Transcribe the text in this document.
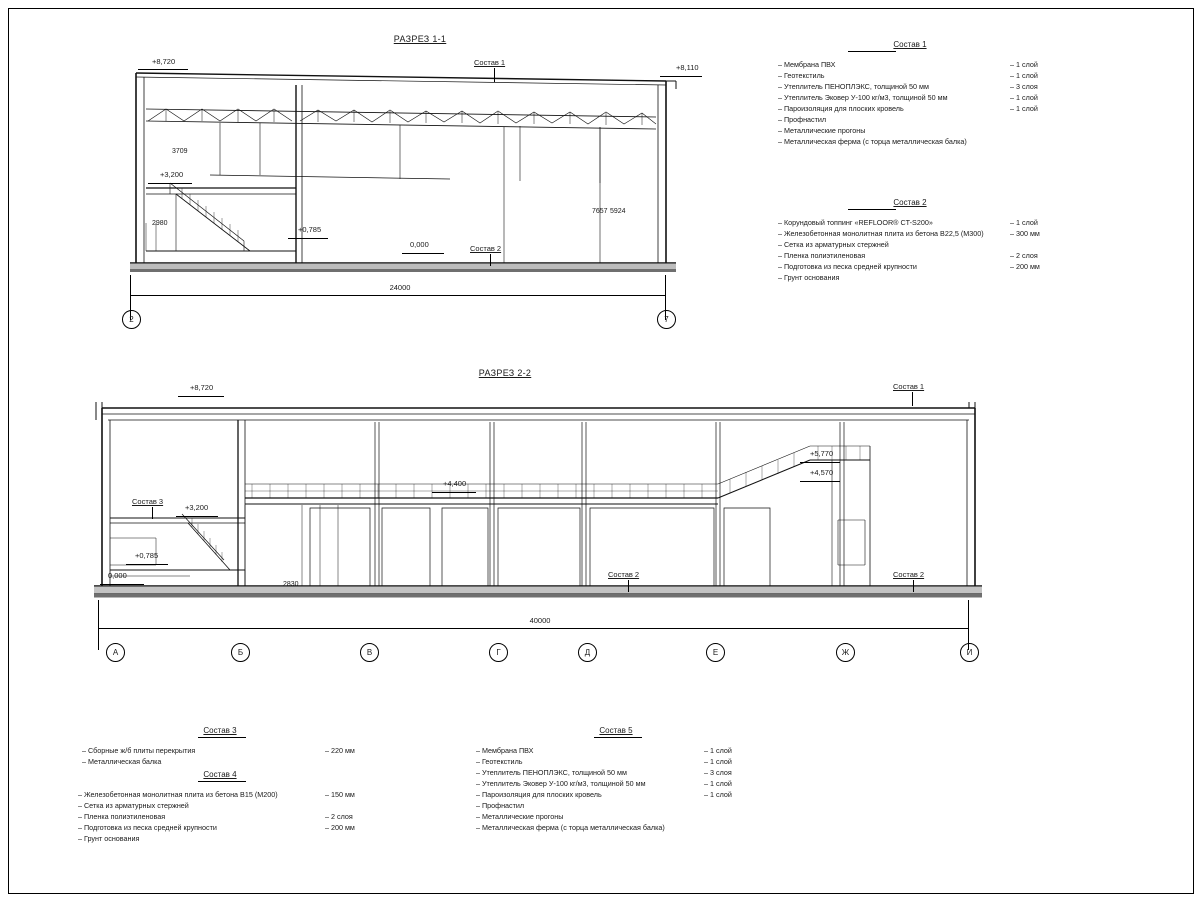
РАЗРЕЗ 1-1
+8,720
+8,110
+3,200
+0,785
0,000
Состав 1
Состав 2
3709
2980
7657 5924
24000
2	7
Состав 1
– Мембрана ПВХ	– 1 слой
– Геотекстиль	– 1 слой
– Утеплитель ПЕНОПЛЭКС, толщиной 50 мм	– 3 слоя
– Утеплитель Эковер У-100 кг/м3, толщиной 50 мм	– 1 слой
– Пароизоляция для плоских кровель	– 1 слой
– Профнастил
– Металлические прогоны
– Металлическая ферма (с торца металлическая балка)
Состав 2
– Корундовый топпинг «REFLOOR® CT-S200»	– 1 слой
– Железобетонная монолитная плита из бетона В22,5 (М300)	– 300 мм
– Сетка из арматурных стержней
– Пленка полиэтиленовая	– 2 слоя
– Подготовка из песка средней крупности	– 200 мм
– Грунт основания
РАЗРЕЗ 2-2
+8,720
+4,400
+3,200
+0,785
0,000
+5,770
+4,570
Состав 1
Состав 2	Состав 2
Состав 3
2830
40000
А	Б	В	Г	Д	Е	Ж	И
Состав 3
– Сборные ж/б плиты перекрытия	– 220 мм
– Металлическая балка
Состав 4
– Железобетонная монолитная плита из бетона В15 (М200)	– 150 мм
– Сетка из арматурных стержней
– Пленка полиэтиленовая	– 2 слоя
– Подготовка из песка средней крупности	– 200 мм
– Грунт основания
Состав 5
– Мембрана ПВХ	– 1 слой
– Геотекстиль	– 1 слой
– Утеплитель ПЕНОПЛЭКС, толщиной 50 мм	– 3 слоя
– Утеплитель Эковер У-100 кг/м3, толщиной 50 мм	– 1 слой
– Пароизоляция для плоских кровель	– 1 слой
– Профнастил
– Металлические прогоны
– Металлическая ферма (с торца металлическая балка)
